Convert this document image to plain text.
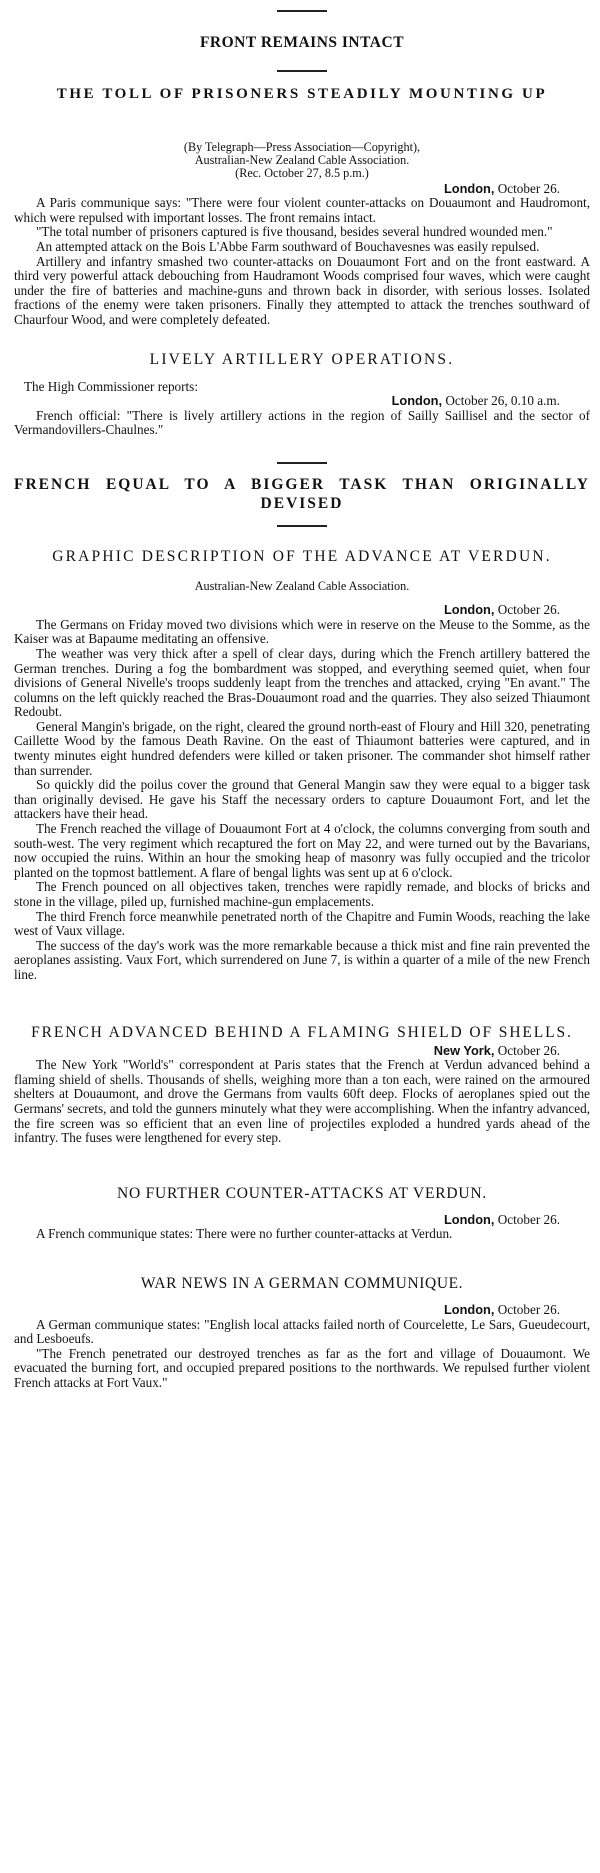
FRONT REMAINS INTACT
THE TOLL OF PRISONERS STEADILY MOUNTING UP

(By Telegraph—Press Association—Copyright),

Australian-New Zealand Cable Association.

(Rec. October 27, 8.5 p.m.)

London, October 26.

A Paris communique says: "There were four violent counter-attacks on Douaumont and Haudromont, which were repulsed with important losses. The front remains intact.

"The total number of prisoners captured is five thousand, besides several hundred wounded men."

An attempted attack on the Bois L'Abbe Farm southward of Bouchavesnes was easily repulsed.

Artillery and infantry smashed two counter-attacks on Douaumont Fort and on the front eastward. A third very powerful attack debouching from Haudramont Woods comprised four waves, which were caught under the fire of batteries and machine-guns and thrown back in disorder, with serious losses. Isolated fractions of the enemy were taken prisoners. Finally they attempted to attack the trenches southward of Chaurfour Wood, and were completely defeated.

LIVELY ARTILLERY OPERATIONS.

The High Commissioner reports:

London, October 26, 0.10 a.m.

French official: "There is lively artillery actions in the region of Sailly Saillisel and the sector of Vermandovillers-Chaulnes."

FRENCH EQUAL TO A BIGGER TASK THAN ORIGINALLY DEVISED
GRAPHIC DESCRIPTION OF THE ADVANCE AT VERDUN.

Australian-New Zealand Cable Association.

London, October 26.

The Germans on Friday moved two divisions which were in reserve on the Meuse to the Somme, as the Kaiser was at Bapaume meditating an offensive.

The weather was very thick after a spell of clear days, during which the French artillery battered the German trenches. During a fog the bombardment was stopped, and everything seemed quiet, when four divisions of General Nivelle's troops suddenly leapt from the trenches and attacked, crying "En avant." The columns on the left quickly reached the Bras-Douaumont road and the quarries. They also seized Thiaumont Redoubt.

General Mangin's brigade, on the right, cleared the ground north-east of Floury and Hill 320, penetrating Caillette Wood by the famous Death Ravine. On the east of Thiaumont batteries were captured, and in twenty minutes eight hundred defenders were killed or taken prisoner. The commander shot himself rather than surrender.

So quickly did the poilus cover the ground that General Mangin saw they were equal to a bigger task than originally devised. He gave his Staff the necessary orders to capture Douaumont Fort, and let the attackers have their head.

The French reached the village of Douaumont Fort at 4 o'clock, the columns converging from south and south-west. The very regiment which recaptured the fort on May 22, and were turned out by the Bavarians, now occupied the ruins. Within an hour the smoking heap of masonry was fully occupied and the tricolor planted on the topmost battlement. A flare of bengal lights was sent up at 6 o'clock.

The French pounced on all objectives taken, trenches were rapidly remade, and blocks of bricks and stone in the village, piled up, furnished machine-gun emplacements.

The third French force meanwhile penetrated north of the Chapitre and Fumin Woods, reaching the lake west of Vaux village.

The success of the day's work was the more remarkable because a thick mist and fine rain prevented the aeroplanes assisting. Vaux Fort, which surrendered on June 7, is within a quarter of a mile of the new French line.

FRENCH ADVANCED BEHIND A FLAMING SHIELD OF SHELLS.

New York, October 26.

The New York "World's" correspondent at Paris states that the French at Verdun advanced behind a flaming shield of shells. Thousands of shells, weighing more than a ton each, were rained on the armoured shelters at Douaumont, and drove the Germans from vaults 60ft deep. Flocks of aeroplanes spied out the Germans' secrets, and told the gunners minutely what they were accomplishing. When the infantry advanced, the fire screen was so efficient that an even line of projectiles exploded a hundred yards ahead of the infantry. The fuses were lengthened for every step.

NO FURTHER COUNTER-ATTACKS AT VERDUN.

London, October 26.

A French communique states: There were no further counter-attacks at Verdun.

WAR NEWS IN A GERMAN COMMUNIQUE.

London, October 26.

A German communique states: "English local attacks failed north of Courcelette, Le Sars, Gueudecourt, and Lesboeufs.

"The French penetrated our destroyed trenches as far as the fort and village of Douaumont. We evacuated the burning fort, and occupied prepared positions to the northwards. We repulsed further violent French attacks at Fort Vaux."
